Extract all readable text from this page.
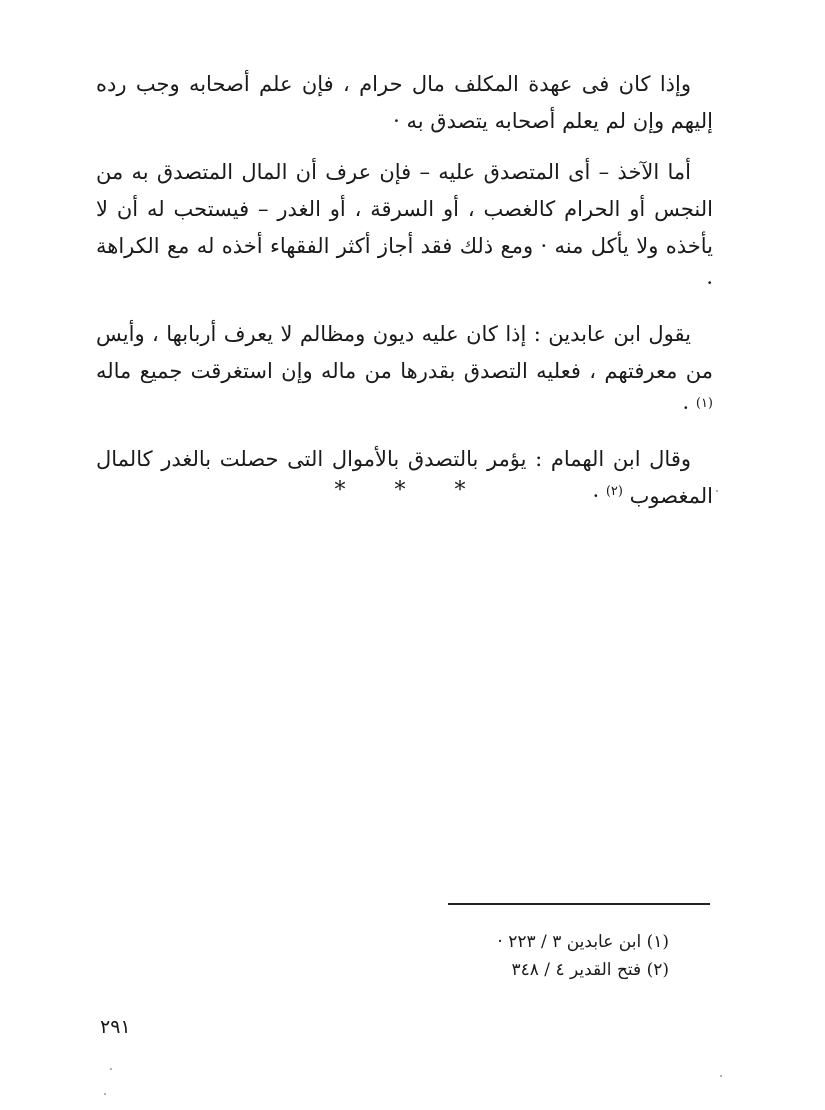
وإذا كان فى عهدة المكلف مال حرام ، فإن علم أصحابه وجب رده إليهم وإن لم يعلم أصحابه يتصدق به ·

أما الآخذ – أى المتصدق عليه – فإن عرف أن المال المتصدق به من النجس أو الحرام كالغصب ، أو السرقة ، أو الغدر – فيستحب له أن لا يأخذه ولا يأكل منه · ومع ذلك فقد أجاز أكثر الفقهاء أخذه له مع الكراهة ·

يقول ابن عابدين : إذا كان عليه ديون ومظالم لا يعرف أربابها ، وأيس من معرفتهم ، فعليه التصدق بقدرها من ماله وإن استغرقت جميع ماله $^{(١)}$ ·

وقال ابن الهمام : يؤمر بالتصدق بالأموال التى حصلت بالغدر كالمال المغصوب $^{(٢)}$ ·

*	*	*

(١) ابن عابدين ٣ / ٢٢٣ ·

(٢) فتح القدير ٤ / ٣٤٨

٢٩١
